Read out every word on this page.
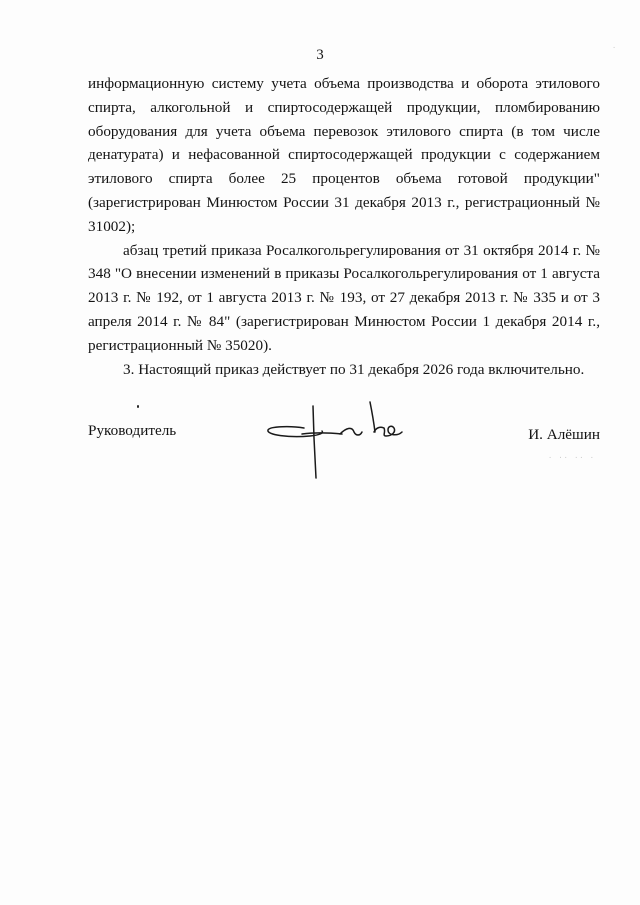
3

информационную систему учета объема производства и оборота этилового спирта, алкогольной и спиртосодержащей продукции, пломбированию оборудования для учета объема перевозок этилового спирта (в том числе денатурата) и нефасованной спиртосодержащей продукции с содержанием этилового спирта более 25 процентов объема готовой продукции" (зарегистрирован Минюстом России 31 декабря 2013 г., регистрационный № 31002);

абзац третий приказа Росалкогольрегулирования от 31 октября 2014 г. № 348 "О внесении изменений в приказы Росалкогольрегулирования от 1 августа 2013 г. № 192, от 1 августа 2013 г. № 193, от 27 декабря 2013 г. № 335 и от 3 апреля 2014 г. № 84" (зарегистрирован Минюстом России 1 декабря 2014 г., регистрационный № 35020).

3. Настоящий приказ действует по 31 декабря 2026 года включительно.

Руководитель	И. Алёшин
· ·· ·· ·
·
